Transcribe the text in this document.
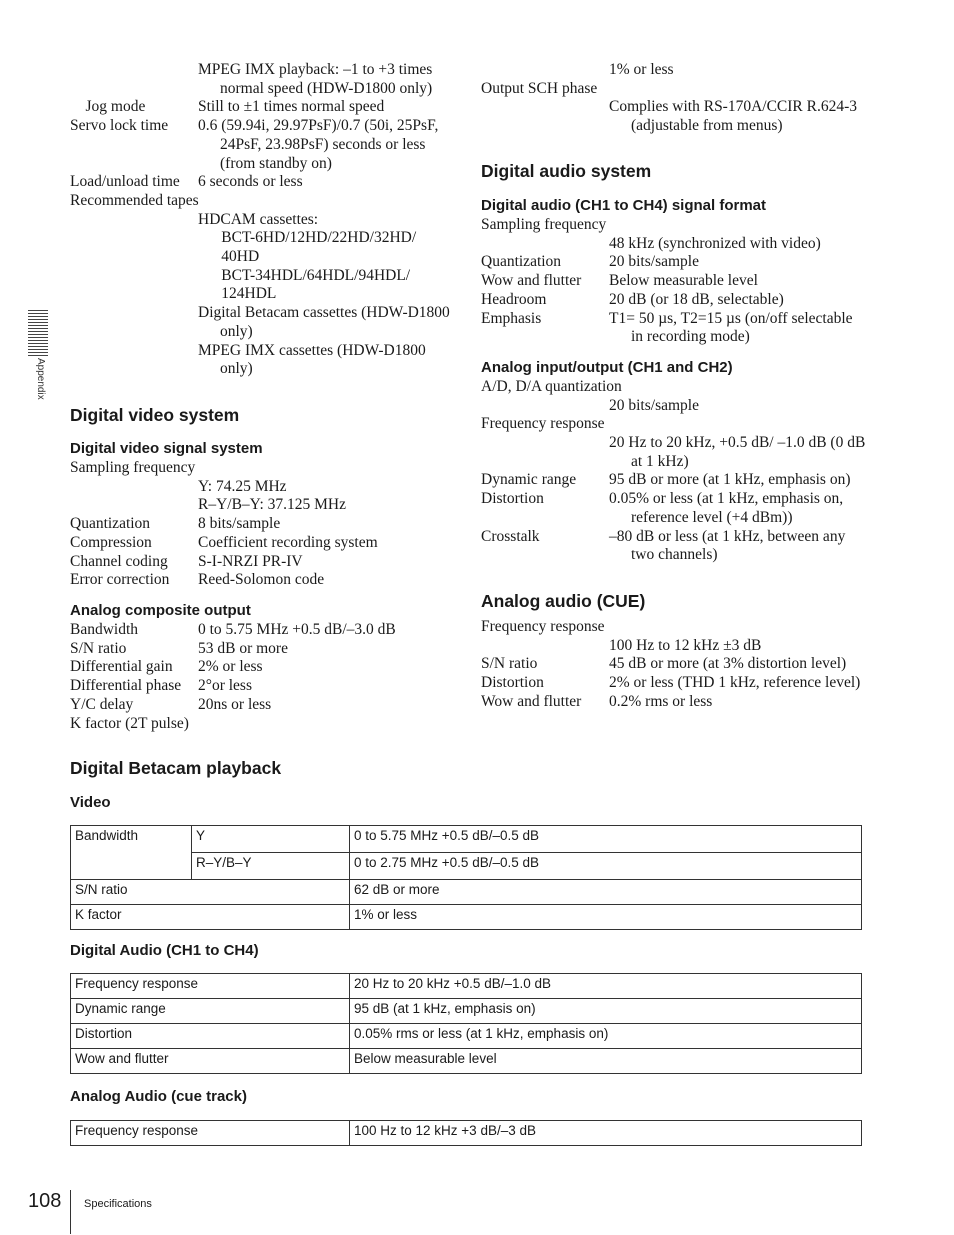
MPEG IMX playback: –1 to +3 times normal speed (HDW-D1800 only)
Jog mode	Still to ±1 times normal speed
Servo lock time 0.6 (59.94i, 29.97PsF)/0.7 (50i, 25PsF, 24PsF, 23.98PsF) seconds or less (from standby on)
Load/unload time 6 seconds or less
Recommended tapes
HDCAM cassettes:
BCT-6HD/12HD/22HD/32HD/
40HD
BCT-34HDL/64HDL/94HDL/
124HDL
Digital Betacam cassettes (HDW-D1800 only)
MPEG IMX cassettes (HDW-D1800 only)
Digital video system
Digital video signal system
Sampling frequency
Y: 74.25 MHz
R–Y/B–Y: 37.125 MHz
Quantization	8 bits/sample
Compression	Coefficient recording system
Channel coding S-I-NRZI PR-IV
Error correction Reed-Solomon code
Analog composite output
Bandwidth	0 to 5.75 MHz +0.5 dB/–3.0 dB
S/N ratio	53 dB or more
Differential gain 2% or less
Differential phase 2°or less
Y/C delay	20ns or less
K factor (2T pulse)
1% or less
Output SCH phase
Complies with RS-170A/CCIR R.624-3 (adjustable from menus)
Digital audio system
Digital audio (CH1 to CH4) signal format
Sampling frequency
48 kHz (synchronized with video)
Quantization	20 bits/sample
Wow and flutter Below measurable level
Headroom	20 dB (or 18 dB, selectable)
Emphasis	T1= 50 µs, T2=15 µs (on/off selectable in recording mode)
Analog input/output (CH1 and CH2)
A/D, D/A quantization
20 bits/sample
Frequency response
20 Hz to 20 kHz, +0.5 dB/ –1.0 dB (0 dB at 1 kHz)
Dynamic range 95 dB or more (at 1 kHz, emphasis on)
Distortion	0.05% or less (at 1 kHz, emphasis on, reference level (+4 dBm))
Crosstalk	–80 dB or less (at 1 kHz, between any two channels)
Analog audio (CUE)
Frequency response
100 Hz to 12 kHz ±3 dB
S/N ratio	45 dB or more (at 3% distortion level)
Distortion	2% or less (THD 1 kHz, reference level)
Wow and flutter 0.2% rms or less
Digital Betacam playback
Video
Bandwidth	Y	0 to 5.75 MHz +0.5 dB/–0.5 dB
	R–Y/B–Y	0 to 2.75 MHz +0.5 dB/–0.5 dB
S/N ratio		62 dB or more
K factor		1% or less
Digital Audio (CH1 to CH4)
Frequency response	20 Hz to 20 kHz +0.5 dB/–1.0 dB
Dynamic range	95 dB (at 1 kHz, emphasis on)
Distortion	0.05% rms or less (at 1 kHz, emphasis on)
Wow and flutter	Below measurable level
Analog Audio (cue track)
Frequency response	100 Hz to 12 kHz +3 dB/–3 dB
Appendix
108 Specifications
